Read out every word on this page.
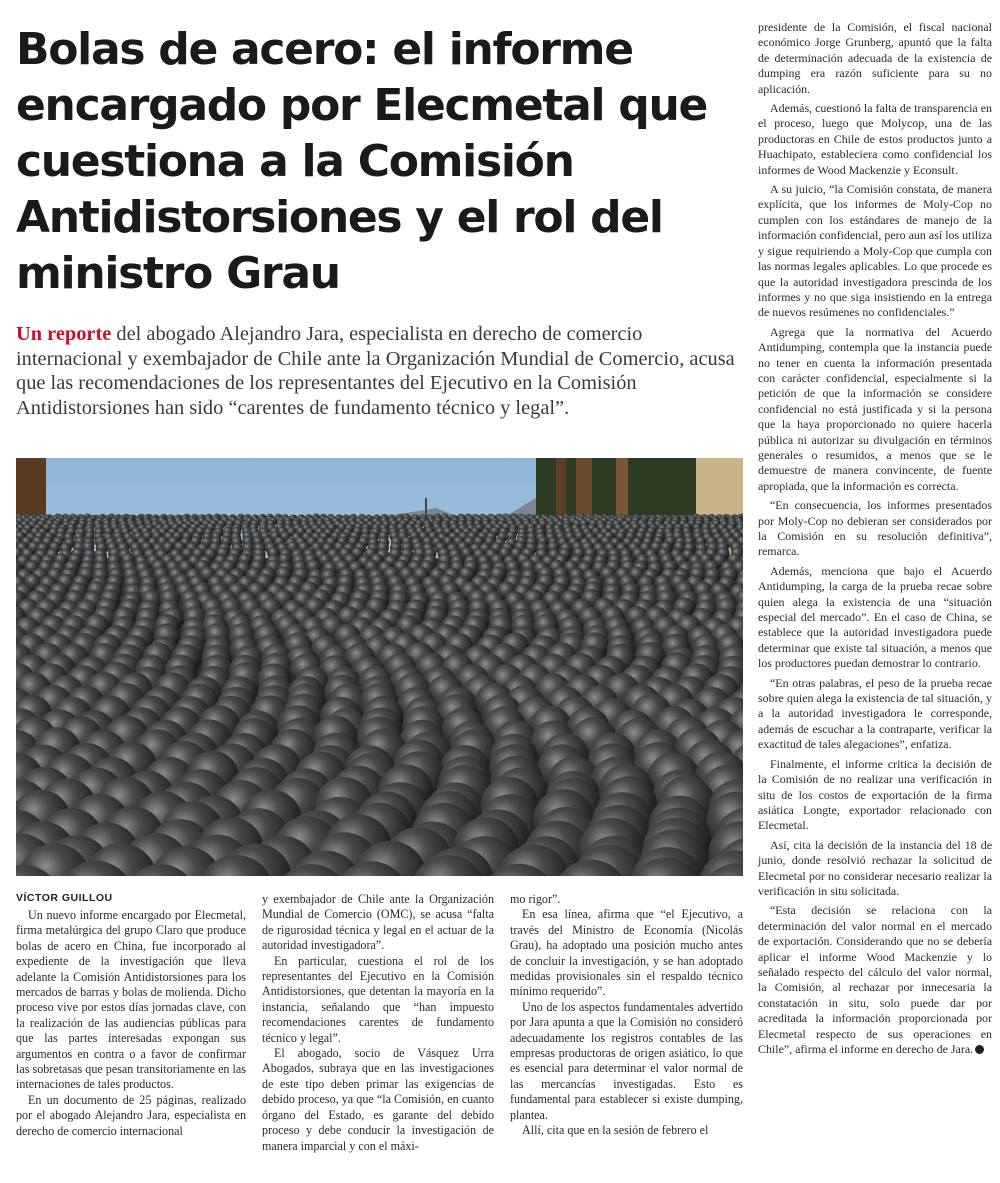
Bolas de acero: el informe encargado por Elecmetal que cuestiona a la Comisión Antidistorsiones y el rol del ministro Grau

Un reporte del abogado Alejandro Jara, especialista en derecho de comercio internacional y exembajador de Chile ante la Organización Mundial de Comercio, acusa que las recomendaciones de los representantes del Ejecutivo en la Comisión Antidistorsiones han sido “carentes de fundamento técnico y legal”.

VÍCTOR GUILLOU

Un nuevo informe encargado por Elecmetal, firma metalúrgica del grupo Claro que produce bolas de acero en China, fue incorporado al expediente de la investigación que lleva adelante la Comisión Antidistorsiones para los mercados de barras y bolas de molienda. Dicho proceso vive por estos días jornadas clave, con la realización de las audiencias públicas para que las partes interesadas expongan sus argumentos en contra o a favor de confirmar las sobretasas que pesan transitoriamente en las internaciones de tales productos.

En un documento de 25 páginas, realizado por el abogado Alejandro Jara, especialista en derecho de comercio internacional

y exembajador de Chile ante la Organización Mundial de Comercio (OMC), se acusa “falta de rigurosidad técnica y legal en el actuar de la autoridad investigadora”.

En particular, cuestiona el rol de los representantes del Ejecutivo en la Comisión Antidistorsiones, que detentan la mayoría en la instancia, señalando que “han impuesto recomendaciones carentes de fundamento técnico y legal”.

El abogado, socio de Vásquez Urra Abogados, subraya que en las investigaciones de este tipo deben primar las exigencias de debido proceso, ya que “la Comisión, en cuanto órgano del Estado, es garante del debido proceso y debe conducir la investigación de manera imparcial y con el máxi-

mo rigor”.

En esa línea, afirma que “el Ejecutivo, a través del Ministro de Economía (Nicolás Grau), ha adoptado una posición mucho antes de concluir la investigación, y se han adoptado medidas provisionales sin el respaldo técnico mínimo requerido”.

Uno de los aspectos fundamentales advertido por Jara apunta a que la Comisión no consideró adecuadamente los registros contables de las empresas productoras de origen asiático, lo que es esencial para determinar el valor normal de las mercancías investigadas. Esto es fundamental para establecer si existe dumping, plantea.

Allí, cita que en la sesión de febrero el

presidente de la Comisión, el fiscal nacional económico Jorge Grunberg, apuntó que la falta de determinación adecuada de la existencia de dumping era razón suficiente para su no aplicación.

Además, cuestionó la falta de transparencia en el proceso, luego que Molycop, una de las productoras en Chile de estos productos junto a Huachipato, estableciera como confidencial los informes de Wood Mackenzie y Econsult.

A su juicio, “la Comisión constata, de manera explícita, que los informes de Moly-Cop no cumplen con los estándares de manejo de la información confidencial, pero aun así los utiliza y sigue requiriendo a Moly-Cop que cumpla con las normas legales aplicables. Lo que procede es que la autoridad investigadora prescinda de los informes y no que siga insistiendo en la entrega de nuevos resúmenes no confidenciales.”

Agrega que la normativa del Acuerdo Antidumping, contempla que la instancia puede no tener en cuenta la información presentada con carácter confidencial, especialmente si la petición de que la información se considere confidencial no está justificada y si la persona que la haya proporcionado no quiere hacerla pública ni autorizar su divulgación en términos generales o resumidos, a menos que se le demuestre de manera convincente, de fuente apropiada, que la información es correcta.

“En consecuencia, los informes presentados por Moly-Cop no debieran ser considerados por la Comisión en su resolución definitiva”, remarca.

Además, menciona que bajo el Acuerdo Antidumping, la carga de la prueba recae sobre quien alega la existencia de una “situación especial del mercado”. En el caso de China, se establece que la autoridad investigadora puede determinar que existe tal situación, a menos que los productores puedan demostrar lo contrario.

“En otras palabras, el peso de la prueba recae sobre quien alega la existencia de tal situación, y a la autoridad investigadora le corresponde, además de escuchar a la contraparte, verificar la exactitud de tales alegaciones”, enfatiza.

Finalmente, el informe critica la decisión de la Comisión de no realizar una verificación in situ de los costos de exportación de la firma asiática Longte, exportador relacionado con Elecmetal.

Así, cita la decisión de la instancia del 18 de junio, donde resolvió rechazar la solicitud de Elecmetal por no considerar necesario realizar la verificación in situ solicitada.

“Esta decisión se relaciona con la determinación del valor normal en el mercado de exportación. Considerando que no se debería aplicar el informe Wood Mackenzie y lo señalado respecto del cálculo del valor normal, la Comisión, al rechazar por innecesaria la constatación in situ, solo puede dar por acreditada la información proporcionada por Elecmetal respecto de sus operaciones en Chile”, afirma el informe en derecho de Jara.
